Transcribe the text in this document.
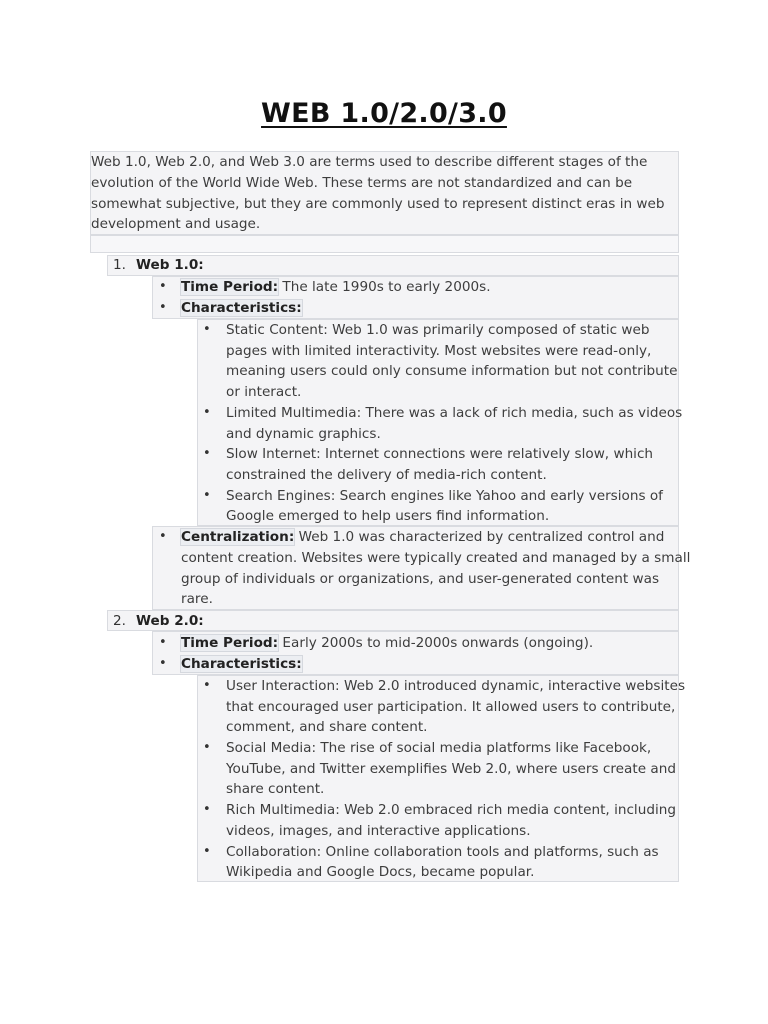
WEB 1.0/2.0/3.0
Web 1.0, Web 2.0, and Web 3.0 are terms used to describe different stages of the
evolution of the World Wide Web. These terms are not standardized and can be
somewhat subjective, but they are commonly used to represent distinct eras in web
development and usage.
1. Web 1.0:
• Time Period: The late 1990s to early 2000s.
• Characteristics:
• Static Content: Web 1.0 was primarily composed of static web
pages with limited interactivity. Most websites were read-only,
meaning users could only consume information but not contribute
or interact.
• Limited Multimedia: There was a lack of rich media, such as videos
and dynamic graphics.
• Slow Internet: Internet connections were relatively slow, which
constrained the delivery of media-rich content.
• Search Engines: Search engines like Yahoo and early versions of
Google emerged to help users find information.
• Centralization: Web 1.0 was characterized by centralized control and
content creation. Websites were typically created and managed by a small
group of individuals or organizations, and user-generated content was
rare.
2. Web 2.0:
• Time Period: Early 2000s to mid-2000s onwards (ongoing).
• Characteristics:
• User Interaction: Web 2.0 introduced dynamic, interactive websites
that encouraged user participation. It allowed users to contribute,
comment, and share content.
• Social Media: The rise of social media platforms like Facebook,
YouTube, and Twitter exemplifies Web 2.0, where users create and
share content.
• Rich Multimedia: Web 2.0 embraced rich media content, including
videos, images, and interactive applications.
• Collaboration: Online collaboration tools and platforms, such as
Wikipedia and Google Docs, became popular.
